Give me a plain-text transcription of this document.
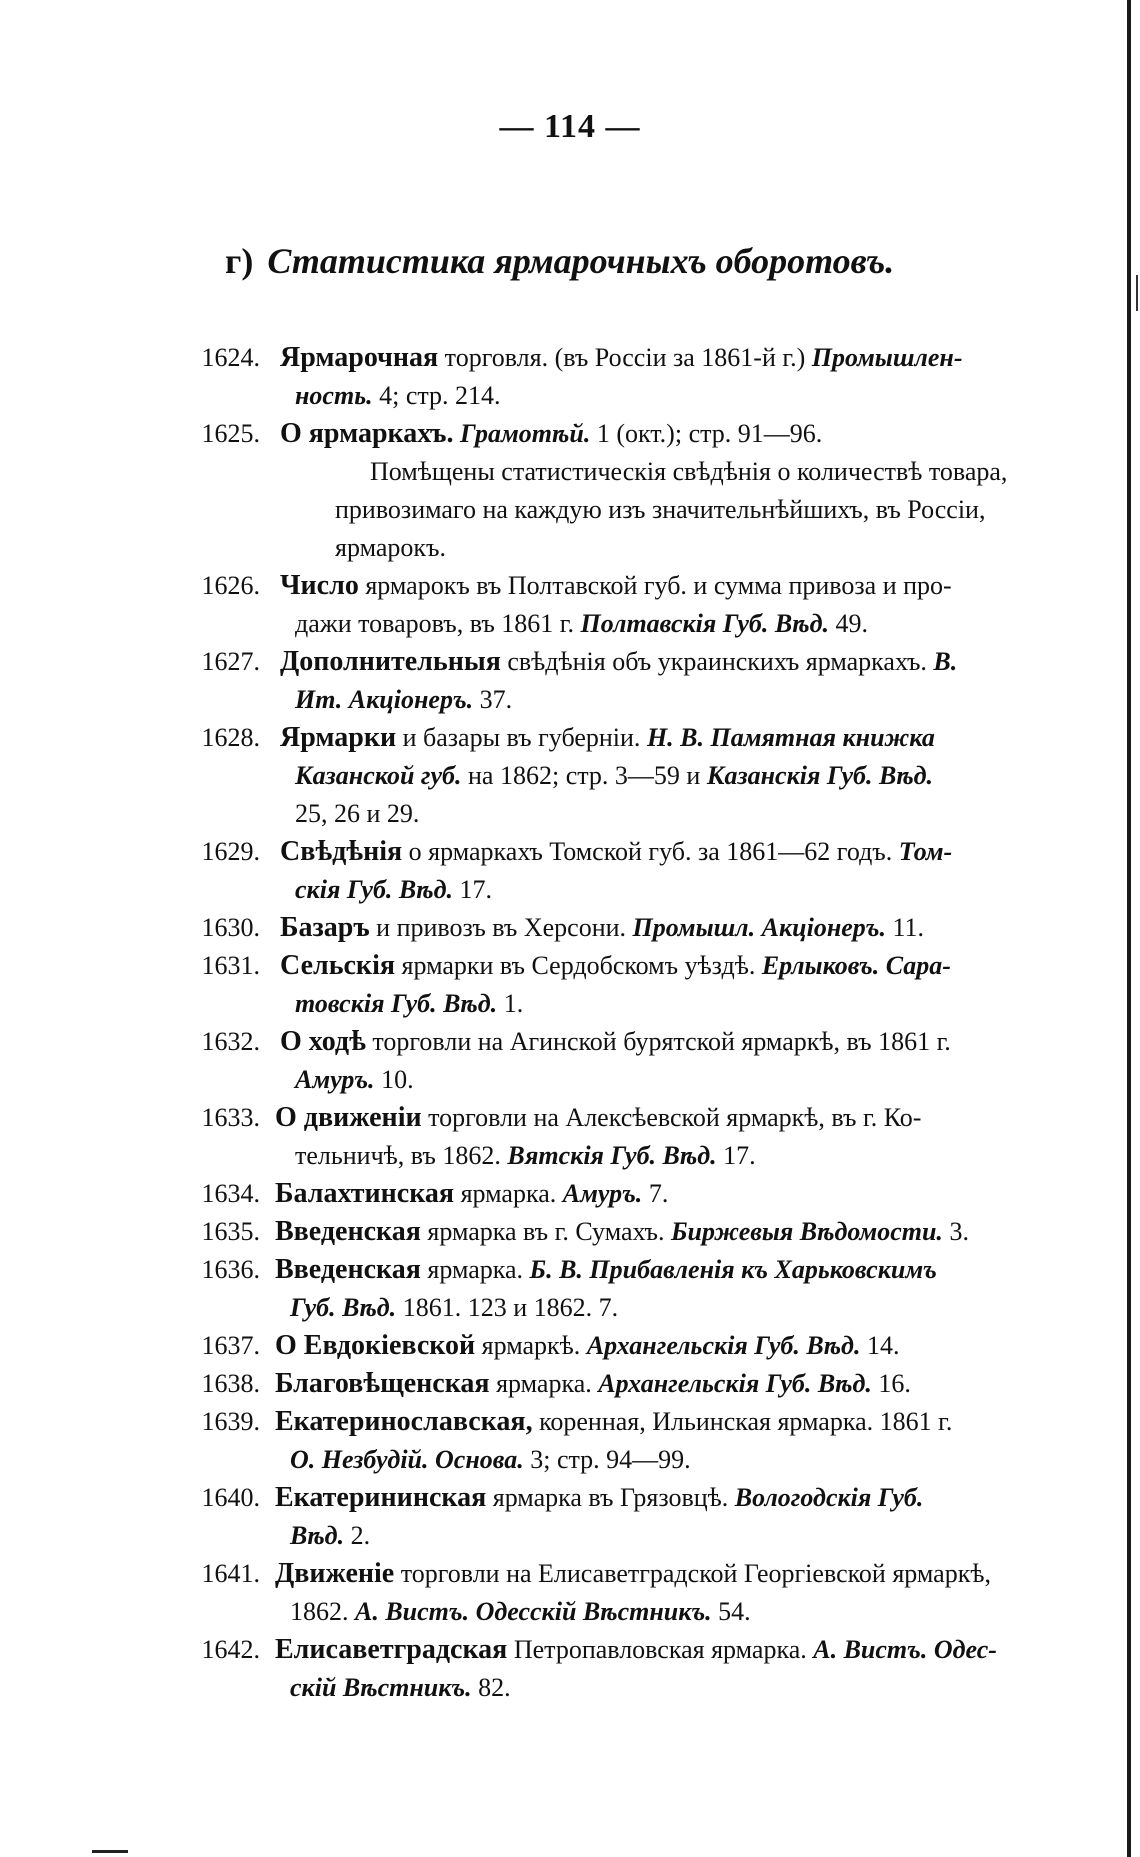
— 114 —
г) Статистика ярмарочныхъ оборотовъ.
1624. Ярмарочная торговля. (въ Россіи за 1861-й г.) Промышлен-
ность. 4; стр. 214.
1625. О ярмаркахъ. Грамотѣй. 1 (окт.); стр. 91—96.
Помѣщены статистическія свѣдѣнія о количествѣ товара,
привозимаго на каждую изъ значительнѣйшихъ, въ Россіи,
ярмарокъ.
1626. Число ярмарокъ въ Полтавской губ. и сумма привоза и про-
дажи товаровъ, въ 1861 г. Полтавскія Губ. Вѣд. 49.
1627. Дополнительныя свѣдѣнія объ украинскихъ ярмаркахъ. В.
Ит. Акціонеръ. 37.
1628. Ярмарки и базары въ губерніи. Н. В. Памятная книжка
Казанской губ. на 1862; стр. 3—59 и Казанскія Губ. Вѣд.
25, 26 и 29.
1629. Свѣдѣнія о ярмаркахъ Томской губ. за 1861—62 годъ. Том-
скія Губ. Вѣд. 17.
1630. Базаръ и привозъ въ Херсони. Промышл. Акціонеръ. 11.
1631. Сельскія ярмарки въ Сердобскомъ уѣздѣ. Ерлыковъ. Сара-
товскія Губ. Вѣд. 1.
1632. О ходѣ торговли на Агинской бурятской ярмаркѣ, въ 1861 г.
Амуръ. 10.
1633. О движеніи торговли на Алексѣевской ярмаркѣ, въ г. Ко-
тельничѣ, въ 1862. Вятскія Губ. Вѣд. 17.
1634. Балахтинская ярмарка. Амуръ. 7.
1635. Введенская ярмарка въ г. Сумахъ. Биржевыя Вѣдомости. 3.
1636. Введенская ярмарка. Б. В. Прибавленія къ Харьковскимъ
Губ. Вѣд. 1861. 123 и 1862. 7.
1637. О Евдокіевской ярмаркѣ. Архангельскія Губ. Вѣд. 14.
1638. Благовѣщенская ярмарка. Архангельскія Губ. Вѣд. 16.
1639. Екатериноcлавская, коренная, Ильинская ярмарка. 1861 г.
О. Незбудій. Основа. 3; стр. 94—99.
1640. Екатерининская ярмарка въ Грязовцѣ. Вологодскія Губ.
Вѣд. 2.
1641. Движеніе торговли на Елисаветградской Георгіевской ярмаркѣ,
1862. А. Вистъ. Одесскій Вѣстникъ. 54.
1642. Елисаветградская Петропавловская ярмарка. А. Вистъ. Одес-
скій Вѣстникъ. 82.
